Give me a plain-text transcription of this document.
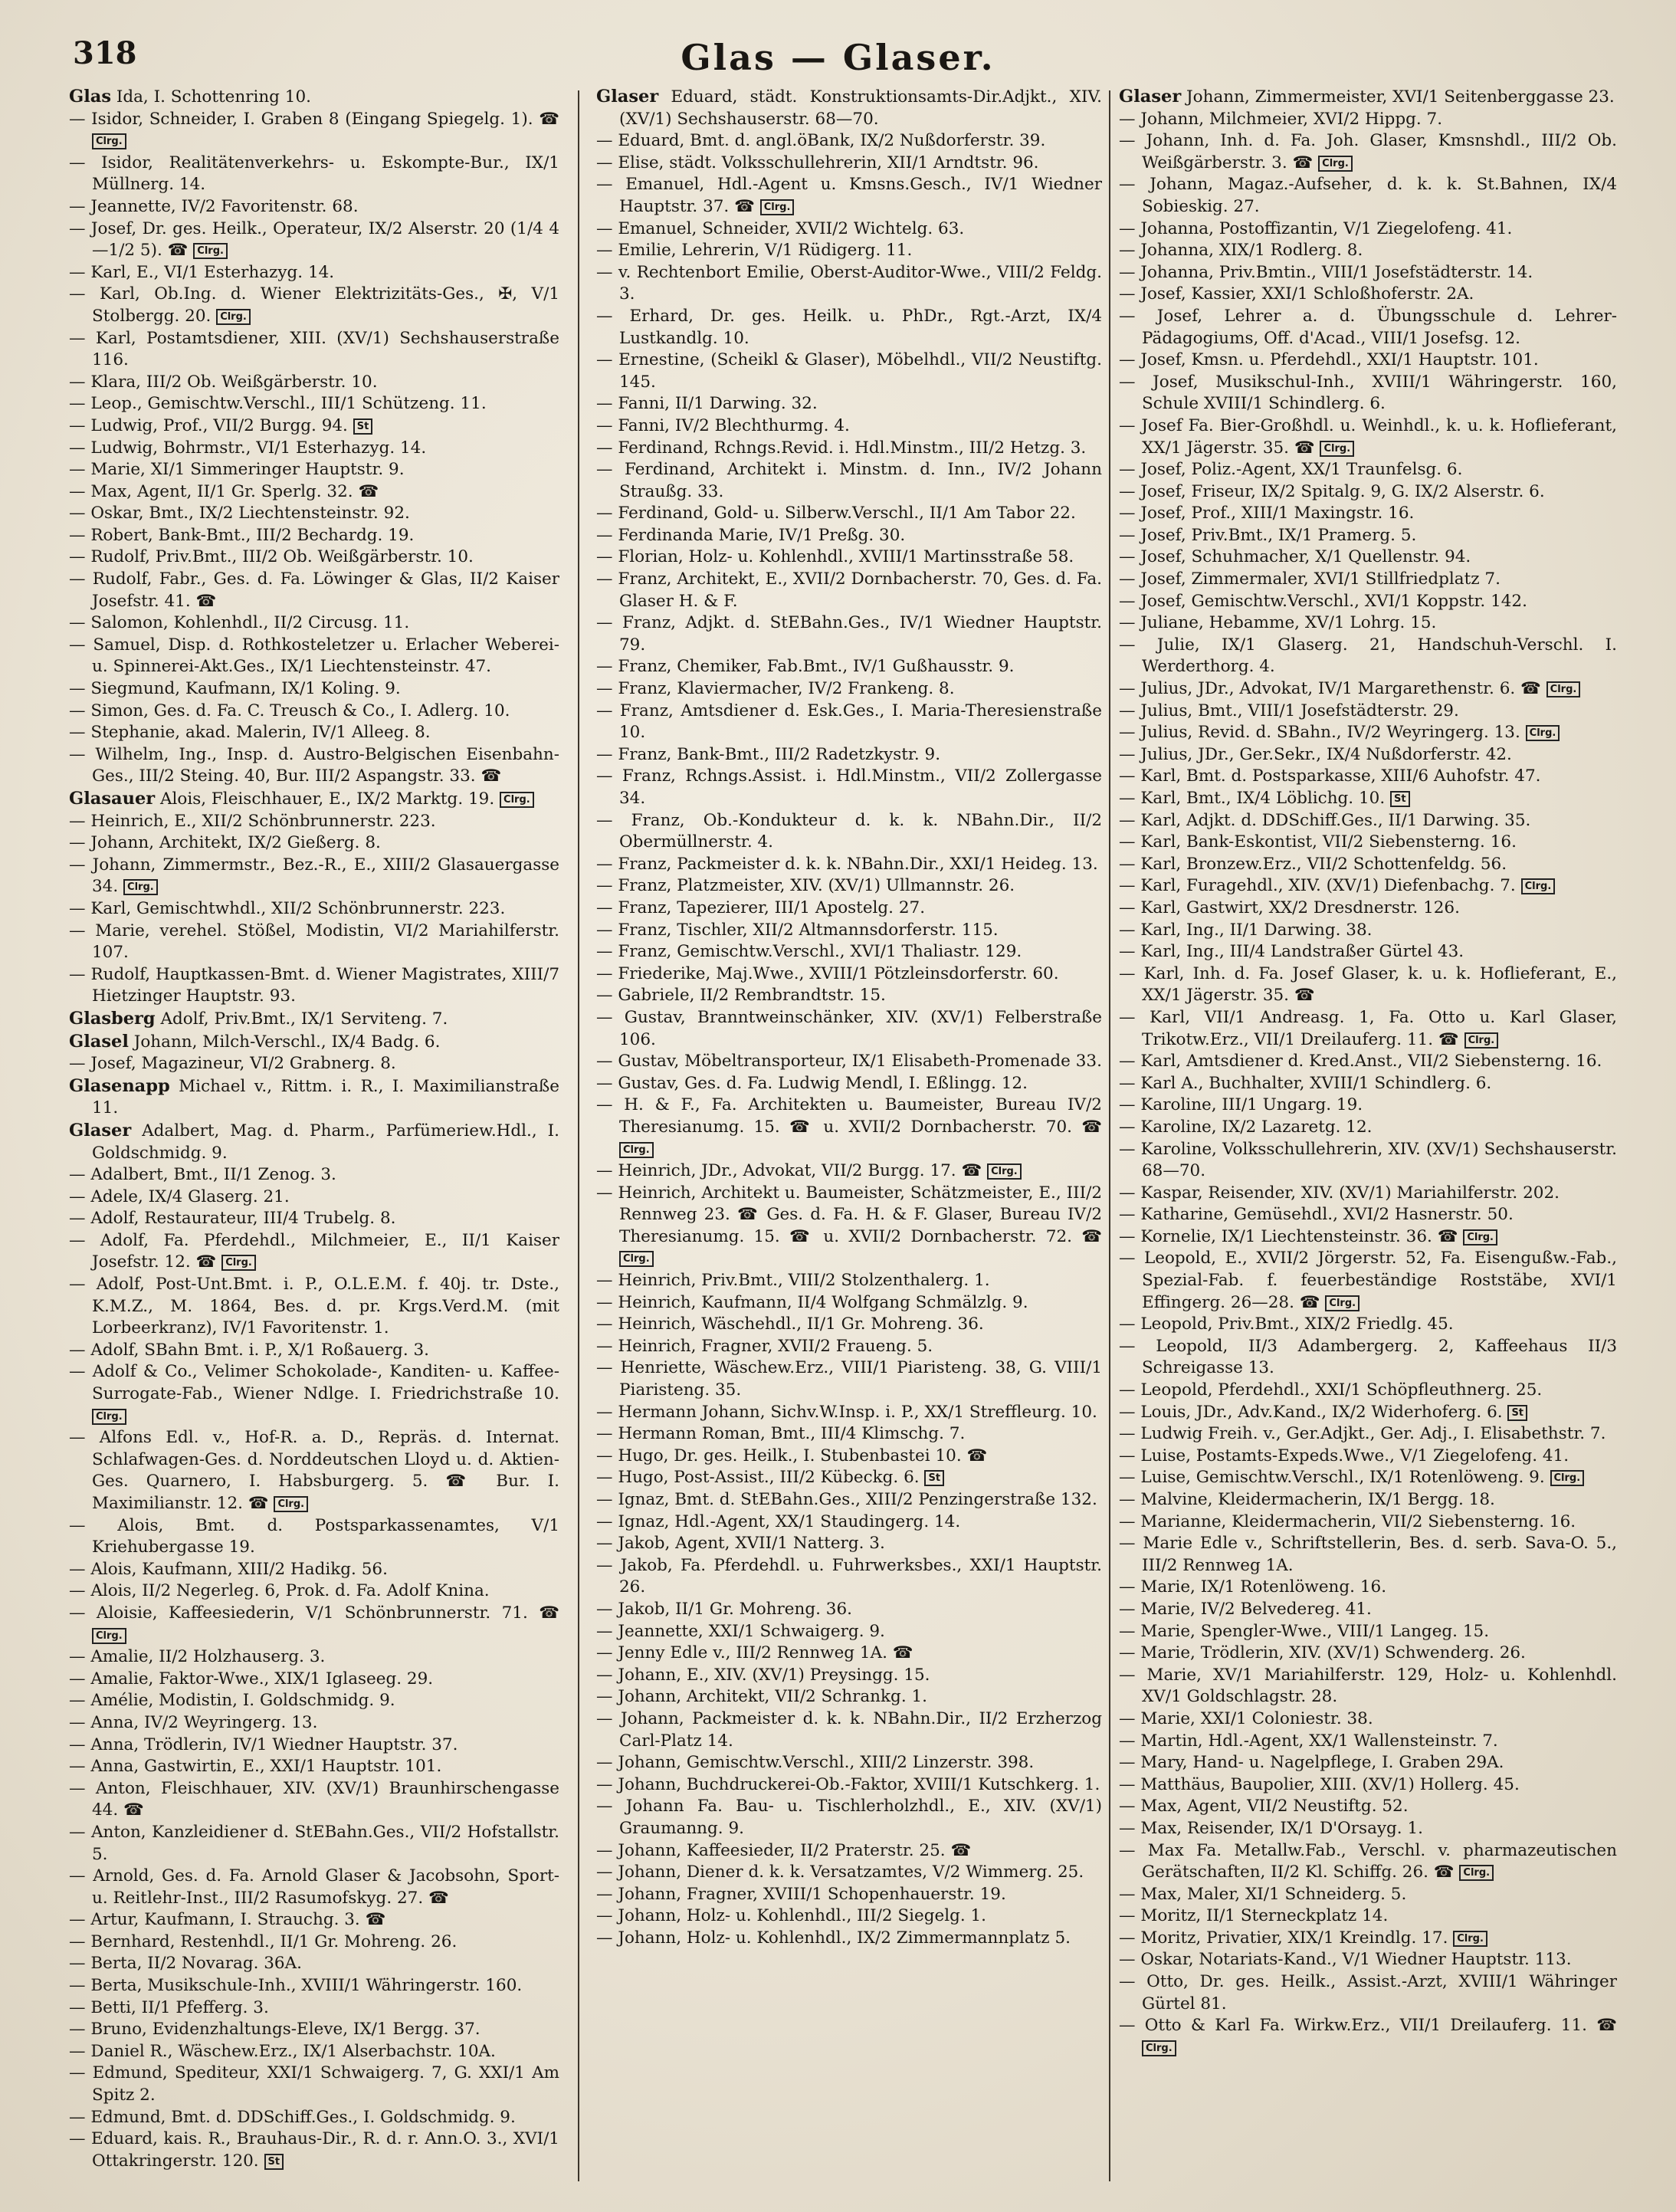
318	Glas — Glaser.
Glas Ida, I. Schottenring 10.
— Isidor, Schneider, I. Graben 8 (Eingang Spiegelg. 1). ☎ Clrg.
— Isidor, Realitätenverkehrs- u. Eskompte-Bur., IX/1 Müllnerg. 14.
— Jeannette, IV/2 Favoritenstr. 68.
— Josef, Dr. ges. Heilk., Operateur, IX/2 Alserstr. 20 (1/4 4—1/2 5). ☎ Clrg.
— Karl, E., VI/1 Esterhazyg. 14.
— Karl, Ob.Ing. d. Wiener Elektrizitäts-Ges., ✠, V/1 Stolbergg. 20. Clrg.
— Karl, Postamtsdiener, XIII. (XV/1) Sechshauserstraße 116.
— Klara, III/2 Ob. Weißgärberstr. 10.
— Leop., Gemischtw.Verschl., III/1 Schützeng. 11.
— Ludwig, Prof., VII/2 Burgg. 94. St
— Ludwig, Bohrmstr., VI/1 Esterhazyg. 14.
— Marie, XI/1 Simmeringer Hauptstr. 9.
— Max, Agent, II/1 Gr. Sperlg. 32. ☎
— Oskar, Bmt., IX/2 Liechtensteinstr. 92.
— Robert, Bank-Bmt., III/2 Bechardg. 19.
— Rudolf, Priv.Bmt., III/2 Ob. Weißgärberstr. 10.
— Rudolf, Fabr., Ges. d. Fa. Löwinger & Glas, II/2 Kaiser Josefstr. 41. ☎
— Salomon, Kohlenhdl., II/2 Circusg. 11.
— Samuel, Disp. d. Rothkosteletzer u. Erlacher Weberei- u. Spinnerei-Akt.Ges., IX/1 Liechtensteinstr. 47.
— Siegmund, Kaufmann, IX/1 Koling. 9.
— Simon, Ges. d. Fa. C. Treusch & Co., I. Adlerg. 10.
— Stephanie, akad. Malerin, IV/1 Alleeg. 8.
— Wilhelm, Ing., Insp. d. Austro-Belgischen Eisenbahn-Ges., III/2 Steing. 40, Bur. III/2 Aspangstr. 33. ☎
Glasauer Alois, Fleischhauer, E., IX/2 Marktg. 19. Clrg.
— Heinrich, E., XII/2 Schönbrunnerstr. 223.
— Johann, Architekt, IX/2 Gießerg. 8.
— Johann, Zimmermstr., Bez.-R., E., XIII/2 Glasauergasse 34. Clrg.
— Karl, Gemischtwhdl., XII/2 Schönbrunnerstr. 223.
— Marie, verehel. Stößel, Modistin, VI/2 Mariahilferstr. 107.
— Rudolf, Hauptkassen-Bmt. d. Wiener Magistrates, XIII/7 Hietzinger Hauptstr. 93.
Glasberg Adolf, Priv.Bmt., IX/1 Serviteng. 7.
Glasel Johann, Milch-Verschl., IX/4 Badg. 6.
— Josef, Magazineur, VI/2 Grabnerg. 8.
Glasenapp Michael v., Rittm. i. R., I. Maximilianstraße 11.
Glaser Adalbert, Mag. d. Pharm., Parfümeriew.Hdl., I. Goldschmidg. 9.
— Adalbert, Bmt., II/1 Zenog. 3.
— Adele, IX/4 Glaserg. 21.
— Adolf, Restaurateur, III/4 Trubelg. 8.
— Adolf, Fa. Pferdehdl., Milchmeier, E., II/1 Kaiser Josefstr. 12. ☎ Clrg.
— Adolf, Post-Unt.Bmt. i. P., O.L.E.M. f. 40j. tr. Dste., K.M.Z., M. 1864, Bes. d. pr. Krgs.Verd.M. (mit Lorbeerkranz), IV/1 Favoritenstr. 1.
— Adolf, SBahn Bmt. i. P., X/1 Roßauerg. 3.
— Adolf & Co., Velimer Schokolade-, Kanditen- u. Kaffee-Surrogate-Fab., Wiener Ndlge. I. Friedrichstraße 10. Clrg.
— Alfons Edl. v., Hof-R. a. D., Repräs. d. Internat. Schlafwagen-Ges. d. Norddeutschen Lloyd u. d. Aktien-Ges. Quarnero, I. Habsburgerg. 5. ☎ Bur. I. Maximilianstr. 12. ☎ Clrg.
— Alois, Bmt. d. Postsparkassenamtes, V/1 Kriehubergasse 19.
— Alois, Kaufmann, XIII/2 Hadikg. 56.
— Alois, II/2 Negerleg. 6, Prok. d. Fa. Adolf Knina.
— Aloisie, Kaffeesiederin, V/1 Schönbrunnerstr. 71. ☎ Clrg.
— Amalie, II/2 Holzhauserg. 3.
— Amalie, Faktor-Wwe., XIX/1 Iglaseeg. 29.
— Amélie, Modistin, I. Goldschmidg. 9.
— Anna, IV/2 Weyringerg. 13.
— Anna, Trödlerin, IV/1 Wiedner Hauptstr. 37.
— Anna, Gastwirtin, E., XXI/1 Hauptstr. 101.
— Anton, Fleischhauer, XIV. (XV/1) Braunhirschengasse 44. ☎
— Anton, Kanzleidiener d. StEBahn.Ges., VII/2 Hofstallstr. 5.
— Arnold, Ges. d. Fa. Arnold Glaser & Jacobsohn, Sport- u. Reitlehr-Inst., III/2 Rasumofskyg. 27. ☎
— Artur, Kaufmann, I. Strauchg. 3. ☎
— Bernhard, Restenhdl., II/1 Gr. Mohreng. 26.
— Berta, II/2 Novarag. 36A.
— Berta, Musikschule-Inh., XVIII/1 Währingerstr. 160.
— Betti, II/1 Pfefferg. 3.
— Bruno, Evidenzhaltungs-Eleve, IX/1 Bergg. 37.
— Daniel R., Wäschew.Erz., IX/1 Alserbachstr. 10A.
— Edmund, Spediteur, XXI/1 Schwaigerg. 7, G. XXI/1 Am Spitz 2.
— Edmund, Bmt. d. DDSchiff.Ges., I. Goldschmidg. 9.
— Eduard, kais. R., Brauhaus-Dir., R. d. r. Ann.O. 3., XVI/1 Ottakringerstr. 120. St
Glaser Eduard, städt. Konstruktionsamts-Dir.Adjkt., XIV. (XV/1) Sechshauserstr. 68—70.
— Eduard, Bmt. d. angl.öBank, IX/2 Nußdorferstr. 39.
— Elise, städt. Volksschullehrerin, XII/1 Arndtstr. 96.
— Emanuel, Hdl.-Agent u. Kmsns.Gesch., IV/1 Wiedner Hauptstr. 37. ☎ Clrg.
— Emanuel, Schneider, XVII/2 Wichtelg. 63.
— Emilie, Lehrerin, V/1 Rüdigerg. 11.
— v. Rechtenbort Emilie, Oberst-Auditor-Wwe., VIII/2 Feldg. 3.
— Erhard, Dr. ges. Heilk. u. PhDr., Rgt.-Arzt, IX/4 Lustkandlg. 10.
— Ernestine, (Scheikl & Glaser), Möbelhdl., VII/2 Neustiftg. 145.
— Fanni, II/1 Darwing. 32.
— Fanni, IV/2 Blechthurmg. 4.
— Ferdinand, Rchngs.Revid. i. Hdl.Minstm., III/2 Hetzg. 3.
— Ferdinand, Architekt i. Minstm. d. Inn., IV/2 Johann Straußg. 33.
— Ferdinand, Gold- u. Silberw.Verschl., II/1 Am Tabor 22.
— Ferdinanda Marie, IV/1 Preßg. 30.
— Florian, Holz- u. Kohlenhdl., XVIII/1 Martinsstraße 58.
— Franz, Architekt, E., XVII/2 Dornbacherstr. 70, Ges. d. Fa. Glaser H. & F.
— Franz, Adjkt. d. StEBahn.Ges., IV/1 Wiedner Hauptstr. 79.
— Franz, Chemiker, Fab.Bmt., IV/1 Gußhausstr. 9.
— Franz, Klaviermacher, IV/2 Frankeng. 8.
— Franz, Amtsdiener d. Esk.Ges., I. Maria-Theresienstraße 10.
— Franz, Bank-Bmt., III/2 Radetzkystr. 9.
— Franz, Rchngs.Assist. i. Hdl.Minstm., VII/2 Zollergasse 34.
— Franz, Ob.-Kondukteur d. k. k. NBahn.Dir., II/2 Obermüllnerstr. 4.
— Franz, Packmeister d. k. k. NBahn.Dir., XXI/1 Heideg. 13.
— Franz, Platzmeister, XIV. (XV/1) Ullmannstr. 26.
— Franz, Tapezierer, III/1 Apostelg. 27.
— Franz, Tischler, XII/2 Altmannsdorferstr. 115.
— Franz, Gemischtw.Verschl., XVI/1 Thaliastr. 129.
— Friederike, Maj.Wwe., XVIII/1 Pötzleinsdorferstr. 60.
— Gabriele, II/2 Rembrandtstr. 15.
— Gustav, Branntweinschänker, XIV. (XV/1) Felberstraße 106.
— Gustav, Möbeltransporteur, IX/1 Elisabeth-Promenade 33.
— Gustav, Ges. d. Fa. Ludwig Mendl, I. Eßlingg. 12.
— H. & F., Fa. Architekten u. Baumeister, Bureau IV/2 Theresianumg. 15. ☎ u. XVII/2 Dornbacherstr. 70. ☎ Clrg.
— Heinrich, JDr., Advokat, VII/2 Burgg. 17. ☎ Clrg.
— Heinrich, Architekt u. Baumeister, Schätzmeister, E., III/2 Rennweg 23. ☎ Ges. d. Fa. H. & F. Glaser, Bureau IV/2 Theresianumg. 15. ☎ u. XVII/2 Dornbacherstr. 72. ☎ Clrg.
— Heinrich, Priv.Bmt., VIII/2 Stolzenthalerg. 1.
— Heinrich, Kaufmann, II/4 Wolfgang Schmälzlg. 9.
— Heinrich, Wäschehdl., II/1 Gr. Mohreng. 36.
— Heinrich, Fragner, XVII/2 Fraueng. 5.
— Henriette, Wäschew.Erz., VIII/1 Piaristeng. 38, G. VIII/1 Piaristeng. 35.
— Hermann Johann, Sichv.W.Insp. i. P., XX/1 Streffleurg. 10.
— Hermann Roman, Bmt., III/4 Klimschg. 7.
— Hugo, Dr. ges. Heilk., I. Stubenbastei 10. ☎
— Hugo, Post-Assist., III/2 Kübeckg. 6. St
— Ignaz, Bmt. d. StEBahn.Ges., XIII/2 Penzingerstraße 132.
— Ignaz, Hdl.-Agent, XX/1 Staudingerg. 14.
— Jakob, Agent, XVII/1 Natterg. 3.
— Jakob, Fa. Pferdehdl. u. Fuhrwerksbes., XXI/1 Hauptstr. 26.
— Jakob, II/1 Gr. Mohreng. 36.
— Jeannette, XXI/1 Schwaigerg. 9.
— Jenny Edle v., III/2 Rennweg 1A. ☎
— Johann, E., XIV. (XV/1) Preysingg. 15.
— Johann, Architekt, VII/2 Schrankg. 1.
— Johann, Packmeister d. k. k. NBahn.Dir., II/2 Erzherzog Carl-Platz 14.
— Johann, Gemischtw.Verschl., XIII/2 Linzerstr. 398.
— Johann, Buchdruckerei-Ob.-Faktor, XVIII/1 Kutschkerg. 1.
— Johann Fa. Bau- u. Tischlerholzhdl., E., XIV. (XV/1) Graumanng. 9.
— Johann, Kaffeesieder, II/2 Praterstr. 25. ☎
— Johann, Diener d. k. k. Versatzamtes, V/2 Wimmerg. 25.
— Johann, Fragner, XVIII/1 Schopenhauerstr. 19.
— Johann, Holz- u. Kohlenhdl., III/2 Siegelg. 1.
— Johann, Holz- u. Kohlenhdl., IX/2 Zimmermannplatz 5.
Glaser Johann, Zimmermeister, XVI/1 Seitenberggasse 23.
— Johann, Milchmeier, XVI/2 Hippg. 7.
— Johann, Inh. d. Fa. Joh. Glaser, Kmsnshdl., III/2 Ob. Weißgärberstr. 3. ☎ Clrg.
— Johann, Magaz.-Aufseher, d. k. k. St.Bahnen, IX/4 Sobieskig. 27.
— Johanna, Postoffizantin, V/1 Ziegelofeng. 41.
— Johanna, XIX/1 Rodlerg. 8.
— Johanna, Priv.Bmtin., VIII/1 Josefstädterstr. 14.
— Josef, Kassier, XXI/1 Schloßhoferstr. 2A.
— Josef, Lehrer a. d. Übungsschule d. Lehrer-Pädagogiums, Off. d'Acad., VIII/1 Josefsg. 12.
— Josef, Kmsn. u. Pferdehdl., XXI/1 Hauptstr. 101.
— Josef, Musikschul-Inh., XVIII/1 Währingerstr. 160, Schule XVIII/1 Schindlerg. 6.
— Josef Fa. Bier-Großhdl. u. Weinhdl., k. u. k. Hoflieferant, XX/1 Jägerstr. 35. ☎ Clrg.
— Josef, Poliz.-Agent, XX/1 Traunfelsg. 6.
— Josef, Friseur, IX/2 Spitalg. 9, G. IX/2 Alserstr. 6.
— Josef, Prof., XIII/1 Maxingstr. 16.
— Josef, Priv.Bmt., IX/1 Pramerg. 5.
— Josef, Schuhmacher, X/1 Quellenstr. 94.
— Josef, Zimmermaler, XVI/1 Stillfriedplatz 7.
— Josef, Gemischtw.Verschl., XVI/1 Koppstr. 142.
— Juliane, Hebamme, XV/1 Lohrg. 15.
— Julie, IX/1 Glaserg. 21, Handschuh-Verschl. I. Werderthorg. 4.
— Julius, JDr., Advokat, IV/1 Margarethenstr. 6. ☎ Clrg.
— Julius, Bmt., VIII/1 Josefstädterstr. 29.
— Julius, Revid. d. SBahn., IV/2 Weyringerg. 13. Clrg.
— Julius, JDr., Ger.Sekr., IX/4 Nußdorferstr. 42.
— Karl, Bmt. d. Postsparkasse, XIII/6 Auhofstr. 47.
— Karl, Bmt., IX/4 Löblichg. 10. St
— Karl, Adjkt. d. DDSchiff.Ges., II/1 Darwing. 35.
— Karl, Bank-Eskontist, VII/2 Siebensterng. 16.
— Karl, Bronzew.Erz., VII/2 Schottenfeldg. 56.
— Karl, Furagehdl., XIV. (XV/1) Diefenbachg. 7. Clrg.
— Karl, Gastwirt, XX/2 Dresdnerstr. 126.
— Karl, Ing., II/1 Darwing. 38.
— Karl, Ing., III/4 Landstraßer Gürtel 43.
— Karl, Inh. d. Fa. Josef Glaser, k. u. k. Hoflieferant, E., XX/1 Jägerstr. 35. ☎
— Karl, VII/1 Andreasg. 1, Fa. Otto u. Karl Glaser, Trikotw.Erz., VII/1 Dreilauferg. 11. ☎ Clrg.
— Karl, Amtsdiener d. Kred.Anst., VII/2 Siebensterng. 16.
— Karl A., Buchhalter, XVIII/1 Schindlerg. 6.
— Karoline, III/1 Ungarg. 19.
— Karoline, IX/2 Lazaretg. 12.
— Karoline, Volksschullehrerin, XIV. (XV/1) Sechshauserstr. 68—70.
— Kaspar, Reisender, XIV. (XV/1) Mariahilferstr. 202.
— Katharine, Gemüsehdl., XVI/2 Hasnerstr. 50.
— Kornelie, IX/1 Liechtensteinstr. 36. ☎ Clrg.
— Leopold, E., XVII/2 Jörgerstr. 52, Fa. Eisengußw.-Fab., Spezial-Fab. f. feuerbeständige Roststäbe, XVI/1 Effingerg. 26—28. ☎ Clrg.
— Leopold, Priv.Bmt., XIX/2 Friedlg. 45.
— Leopold, II/3 Adambergerg. 2, Kaffeehaus II/3 Schreigasse 13.
— Leopold, Pferdehdl., XXI/1 Schöpfleuthnerg. 25.
— Louis, JDr., Adv.Kand., IX/2 Widerhoferg. 6. St
— Ludwig Freih. v., Ger.Adjkt., Ger. Adj., I. Elisabethstr. 7.
— Luise, Postamts-Expeds.Wwe., V/1 Ziegelofeng. 41.
— Luise, Gemischtw.Verschl., IX/1 Rotenlöweng. 9. Clrg.
— Malvine, Kleidermacherin, IX/1 Bergg. 18.
— Marianne, Kleidermacherin, VII/2 Siebensterng. 16.
— Marie Edle v., Schriftstellerin, Bes. d. serb. Sava-O. 5., III/2 Rennweg 1A.
— Marie, IX/1 Rotenlöweng. 16.
— Marie, IV/2 Belvedereg. 41.
— Marie, Spengler-Wwe., VIII/1 Langeg. 15.
— Marie, Trödlerin, XIV. (XV/1) Schwenderg. 26.
— Marie, XV/1 Mariahilferstr. 129, Holz- u. Kohlenhdl. XV/1 Goldschlagstr. 28.
— Marie, XXI/1 Coloniestr. 38.
— Martin, Hdl.-Agent, XX/1 Wallensteinstr. 7.
— Mary, Hand- u. Nagelpflege, I. Graben 29A.
— Matthäus, Baupolier, XIII. (XV/1) Hollerg. 45.
— Max, Agent, VII/2 Neustiftg. 52.
— Max, Reisender, IX/1 D'Orsayg. 1.
— Max Fa. Metallw.Fab., Verschl. v. pharmazeutischen Gerätschaften, II/2 Kl. Schiffg. 26. ☎ Clrg.
— Max, Maler, XI/1 Schneiderg. 5.
— Moritz, II/1 Sterneckplatz 14.
— Moritz, Privatier, XIX/1 Kreindlg. 17. Clrg.
— Oskar, Notariats-Kand., V/1 Wiedner Hauptstr. 113.
— Otto, Dr. ges. Heilk., Assist.-Arzt, XVIII/1 Währinger Gürtel 81.
— Otto & Karl Fa. Wirkw.Erz., VII/1 Dreilauferg. 11. ☎ Clrg.
